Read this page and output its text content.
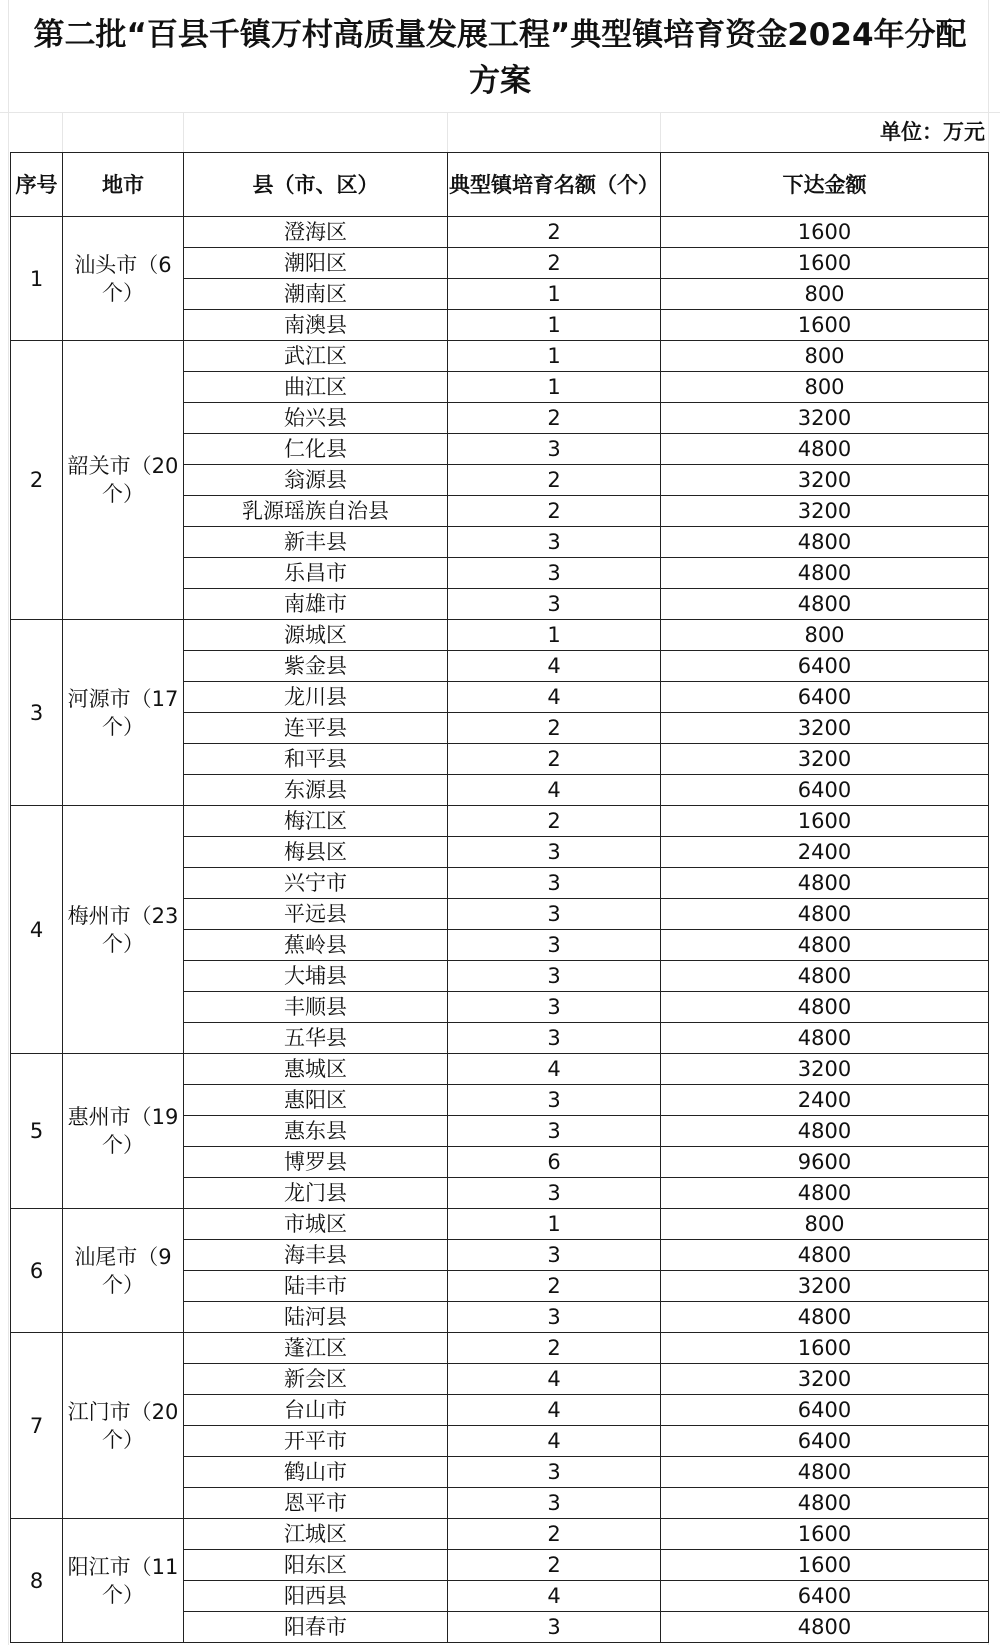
第二批“百县千镇万村高质量发展工程”典型镇培育资金2024年分配
方案
单位：万元
序号	地市	县（市、区）	典型镇培育名额（个）	下达金额
1	汕头市（6个）	澄海区	2	1600
		潮阳区	2	1600
		潮南区	1	800
		南澳县	1	1600
2	韶关市（20个）	武江区	1	800
		曲江区	1	800
		始兴县	2	3200
		仁化县	3	4800
		翁源县	2	3200
		乳源瑶族自治县	2	3200
		新丰县	3	4800
		乐昌市	3	4800
		南雄市	3	4800
3	河源市（17个）	源城区	1	800
		紫金县	4	6400
		龙川县	4	6400
		连平县	2	3200
		和平县	2	3200
		东源县	4	6400
4	梅州市（23个）	梅江区	2	1600
		梅县区	3	2400
		兴宁市	3	4800
		平远县	3	4800
		蕉岭县	3	4800
		大埔县	3	4800
		丰顺县	3	4800
		五华县	3	4800
5	惠州市（19个）	惠城区	4	3200
		惠阳区	3	2400
		惠东县	3	4800
		博罗县	6	9600
		龙门县	3	4800
6	汕尾市（9个）	市城区	1	800
		海丰县	3	4800
		陆丰市	2	3200
		陆河县	3	4800
7	江门市（20个）	蓬江区	2	1600
		新会区	4	3200
		台山市	4	6400
		开平市	4	6400
		鹤山市	3	4800
		恩平市	3	4800
8	阳江市（11个）	江城区	2	1600
		阳东区	2	1600
		阳西县	4	6400
		阳春市	3	4800
